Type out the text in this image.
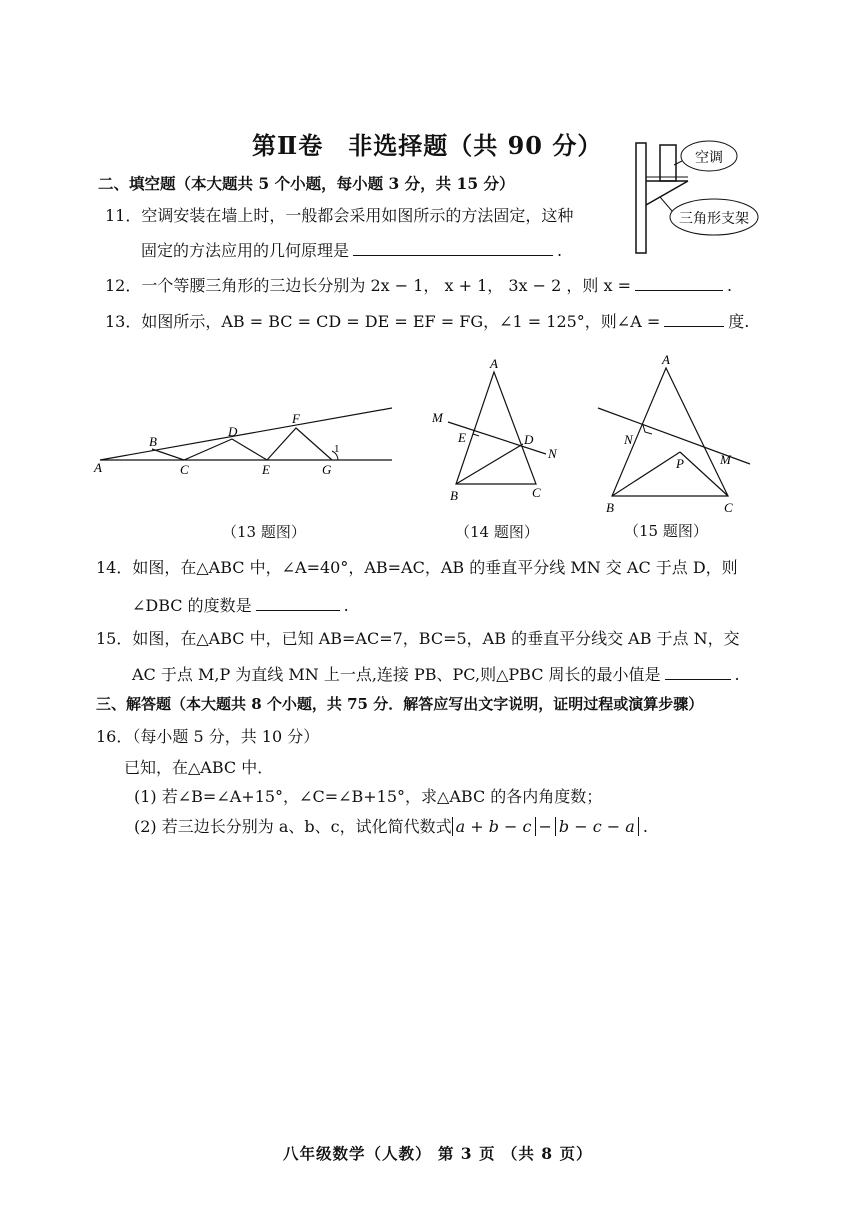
第Ⅱ卷　非选择题（共 90 分）
二、填空题（本大题共 5 个小题，每小题 3 分，共 15 分）
11．空调安装在墙上时，一般都会采用如图所示的方法固定，这种
固定的方法应用的几何原理是	.
空调
三角形支架
12．一个等腰三角形的三边长分别为 2x − 1， x + 1， 3x − 2 ，则 x =	.
13．如图所示，AB = BC = CD = DE = EF = FG，∠1 = 125°，则∠A =	度.
A
B
C
D
E
F
G
1
（13 题图）
A
M
E	D
N
B	C
（14 题图）
A
N
P	M
B	C
（15 题图）
14．如图，在△ABC 中，∠A=40°，AB=AC，AB 的垂直平分线 MN 交 AC 于点 D，则
∠DBC 的度数是	.
15．如图，在△ABC 中，已知 AB=AC=7，BC=5，AB 的垂直平分线交 AB 于点 N，交
AC 于点 M,P 为直线 MN 上一点,连接 PB、PC,则△PBC 周长的最小值是	.
三、解答题（本大题共 8 个小题，共 75 分．解答应写出文字说明，证明过程或演算步骤）
16．（每小题 5 分，共 10 分）
已知，在△ABC 中．
(1) 若∠B=∠A+15°，∠C=∠B+15°，求△ABC 的各内角度数；
(2) 若三边长分别为 a、b、c，试化简代数式 a + b − c − b − c − a .
八年级数学（人教） 第 3 页 （共 8 页）
